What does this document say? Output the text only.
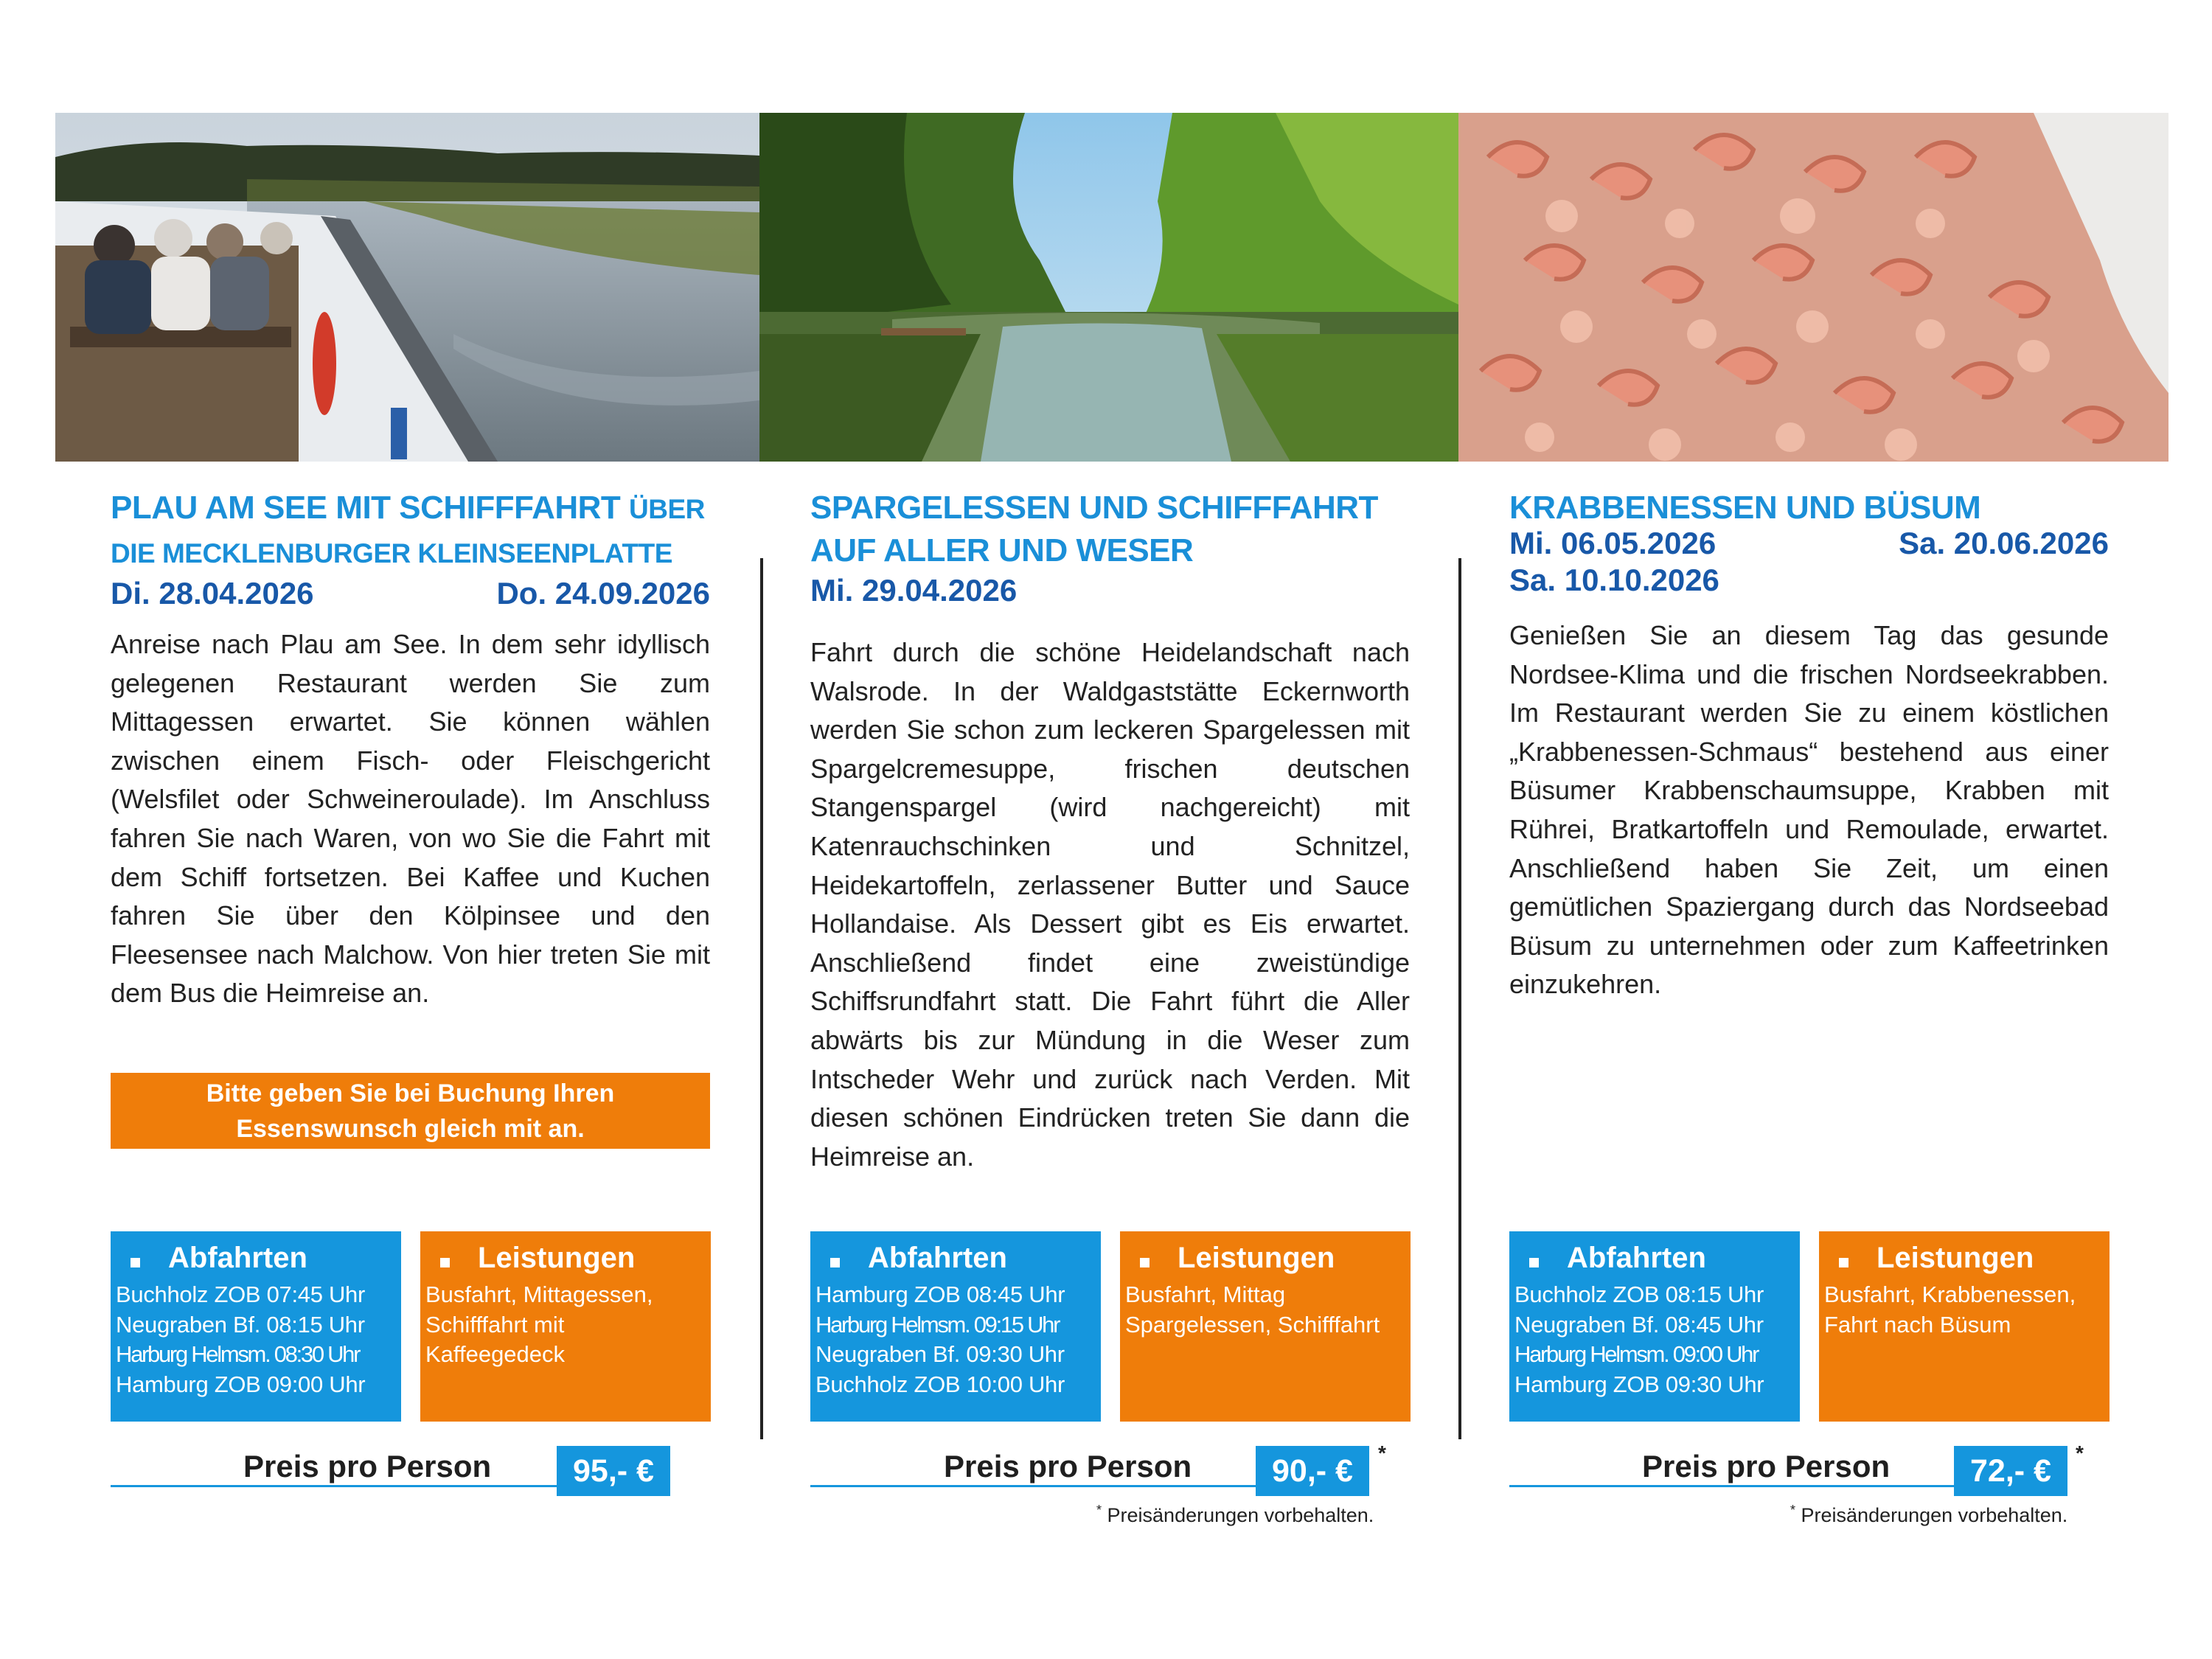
PLAU AM SEE MIT SCHIFFFAHRT ÜBER
DIE MECKLENBURGER KLEINSEENPLATTE
Di. 28.04.2026	Do. 24.09.2026

Anreise nach Plau am See. In dem sehr idyllisch gelegenen Restaurant werden Sie zum Mittagessen erwartet. Sie können wählen zwischen einem Fisch- oder Fleischgericht (Welsfilet oder Schweineroulade). Im Anschluss fahren Sie nach Waren, von wo Sie die Fahrt mit dem Schiff fortsetzen. Bei Kaffee und Kuchen fahren Sie über den Kölpinsee und den Fleesensee nach Malchow. Von hier treten Sie mit dem Bus die Heimreise an.

Bitte geben Sie bei Buchung Ihren
Essenswunsch gleich mit an.
Abfahrten
Buchholz ZOB 07:45 Uhr
Neugraben Bf. 08:15 Uhr
Harburg Helmsm. 08:30 Uhr
Hamburg ZOB 09:00 Uhr
Leistungen
Busfahrt, Mittagessen, Schifffahrt mit Kaffeegedeck
Preis pro Person	95,- €
SPARGELESSEN UND SCHIFFFAHRT
AUF ALLER UND WESER
Mi. 29.04.2026

Fahrt durch die schöne Heidelandschaft nach Walsrode. In der Waldgaststätte Eckernworth werden Sie schon zum leckeren Spargelessen mit Spargelcremesuppe, frischen deutschen Stangenspargel (wird nachgereicht) mit Katenrauchschinken und Schnitzel, Heidekartoffeln, zerlassener Butter und Sauce Hollandaise. Als Dessert gibt es Eis erwartet. Anschließend findet eine zweistündige Schiffsrundfahrt statt. Die Fahrt führt die Aller abwärts bis zur Mündung in die Weser zum Intscheder Wehr und zurück nach Verden. Mit diesen schönen Eindrücken treten Sie dann die Heimreise an.

Abfahrten
Hamburg ZOB 08:45 Uhr
Harburg Helmsm. 09:15 Uhr
Neugraben Bf. 09:30 Uhr
Buchholz ZOB 10:00 Uhr
Leistungen
Busfahrt, Mittag Spargelessen, Schifffahrt
Preis pro Person	90,- €
*
* Preisänderungen vorbehalten.
KRABBENESSEN UND BÜSUM
Mi. 06.05.2026	Sa. 20.06.2026

Sa. 10.10.2026

Genießen Sie an diesem Tag das gesunde Nordsee-Klima und die frischen Nordseekrabben. Im Restaurant werden Sie zu einem köstlichen „Krabbenessen-Schmaus“ bestehend aus einer Büsumer Krabbenschaumsuppe, Krabben mit Rührei, Bratkartoffeln und Remoulade, erwartet. Anschließend haben Sie Zeit, um einen gemütlichen Spaziergang durch das Nordseebad Büsum zu unternehmen oder zum Kaffeetrinken einzukehren.

Abfahrten
Buchholz ZOB 08:15 Uhr
Neugraben Bf. 08:45 Uhr
Harburg Helmsm. 09:00 Uhr
Hamburg ZOB 09:30 Uhr
Leistungen
Busfahrt, Krabbenessen, Fahrt nach Büsum
Preis pro Person	72,- €
*
* Preisänderungen vorbehalten.
